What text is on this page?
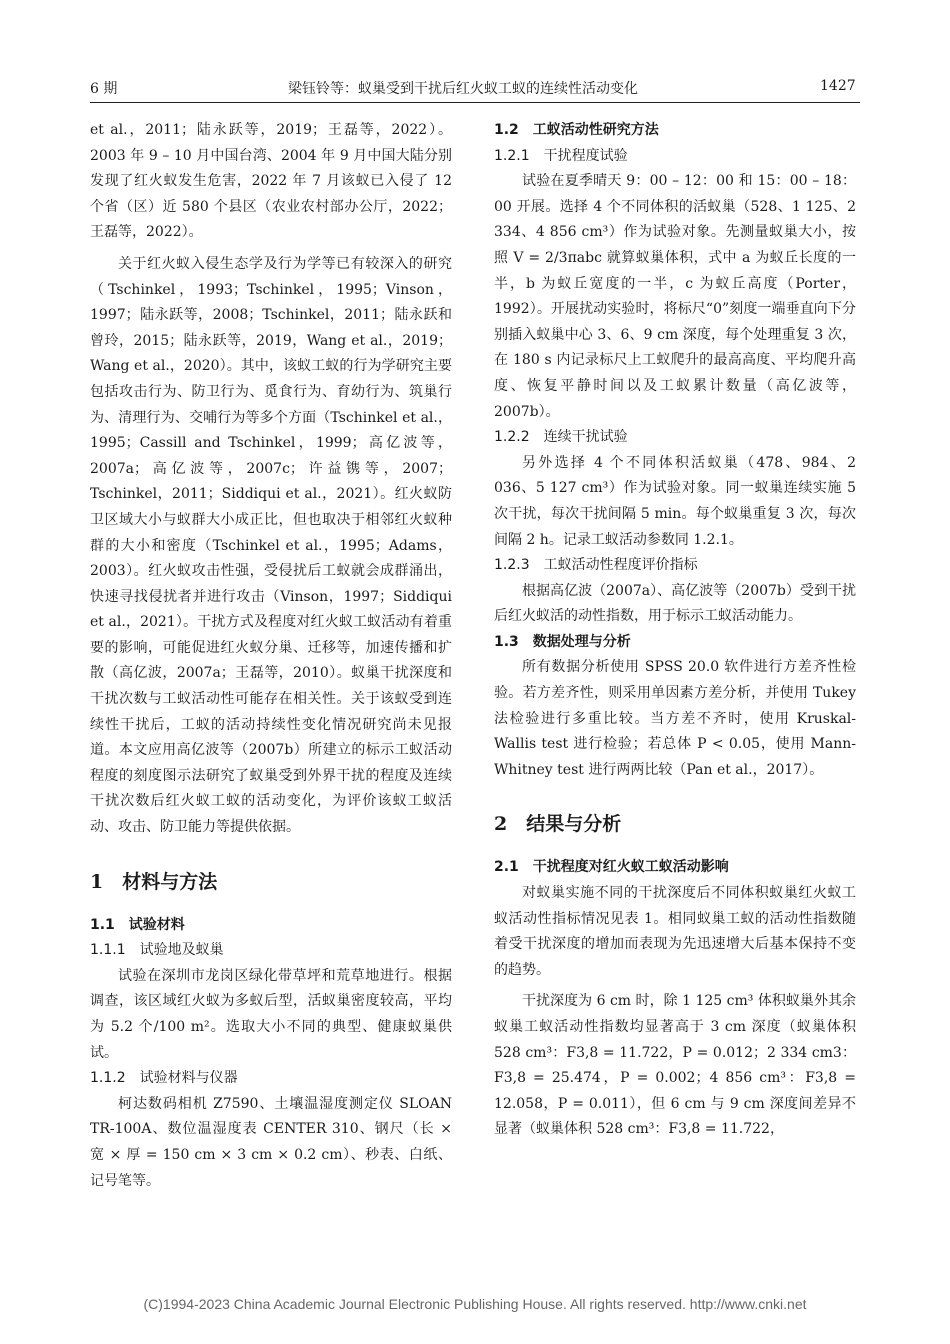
6 期	梁钰铃等：蚁巢受到干扰后红火蚁工蚁的连续性活动变化	1427

et al.，2011；陆永跃等，2019；王磊等，2022）。2003 年 9 – 10 月中国台湾、2004 年 9 月中国大陆分别发现了红火蚁发生危害，2022 年 7 月该蚁已入侵了 12 个省（区）近 580 个县区（农业农村部办公厅，2022；王磊等，2022）。

关于红火蚁入侵生态学及行为学等已有较深入的研究（Tschinkel，1993；Tschinkel，1995；Vinson，1997；陆永跃等，2008；Tschinkel，2011；陆永跃和曾玲，2015；陆永跃等，2019，Wang et al.，2019；Wang et al.，2020）。其中，该蚁工蚁的行为学研究主要包括攻击行为、防卫行为、觅食行为、育幼行为、筑巢行为、清理行为、交哺行为等多个方面（Tschinkel et al.，1995；Cassill and Tschinkel，1999；高亿波等，2007a；高亿波等，2007c；许益镌等，2007；Tschinkel，2011；Siddiqui et al.，2021）。红火蚁防卫区域大小与蚁群大小成正比，但也取决于相邻红火蚁种群的大小和密度（Tschinkel et al.，1995；Adams，2003）。红火蚁攻击性强，受侵扰后工蚁就会成群涌出，快速寻找侵扰者并进行攻击（Vinson，1997；Siddiqui et al.，2021）。干扰方式及程度对红火蚁工蚁活动有着重要的影响，可能促进红火蚁分巢、迁移等，加速传播和扩散（高亿波，2007a；王磊等，2010）。蚁巢干扰深度和干扰次数与工蚁活动性可能存在相关性。关于该蚁受到连续性干扰后，工蚁的活动持续性变化情况研究尚未见报道。本文应用高亿波等（2007b）所建立的标示工蚁活动程度的刻度图示法研究了蚁巢受到外界干扰的程度及连续干扰次数后红火蚁工蚁的活动变化，为评价该蚁工蚁活动、攻击、防卫能力等提供依据。

1　材料与方法
1.1　试验材料
1.1.1　试验地及蚁巢

试验在深圳市龙岗区绿化带草坪和荒草地进行。根据调查，该区域红火蚁为多蚁后型，活蚁巢密度较高，平均为 5.2 个/100 m²。选取大小不同的典型、健康蚁巢供试。

1.1.2　试验材料与仪器

柯达数码相机 Z7590、土壤温湿度测定仪 SLOAN TR-100A、数位温湿度表 CENTER 310、钢尺（长 × 宽 × 厚 = 150 cm × 3 cm × 0.2 cm）、秒表、白纸、记号笔等。

1.2　工蚁活动性研究方法
1.2.1　干扰程度试验

试验在夏季晴天 9：00 – 12：00 和 15：00 – 18：00 开展。选择 4 个不同体积的活蚁巢（528、1 125、2 334、4 856 cm³）作为试验对象。先测量蚁巢大小，按照 V = 2/3πabc 就算蚁巢体积，式中 a 为蚁丘长度的一半，b 为蚁丘宽度的一半，c 为蚁丘高度（Porter，1992）。开展扰动实验时，将标尺“0”刻度一端垂直向下分别插入蚁巢中心 3、6、9 cm 深度，每个处理重复 3 次，在 180 s 内记录标尺上工蚁爬升的最高高度、平均爬升高度、恢复平静时间以及工蚁累计数量（高亿波等，2007b）。

1.2.2　连续干扰试验

另外选择 4 个不同体积活蚁巢（478、984、2 036、5 127 cm³）作为试验对象。同一蚁巢连续实施 5 次干扰，每次干扰间隔 5 min。每个蚁巢重复 3 次，每次间隔 2 h。记录工蚁活动参数同 1.2.1。

1.2.3　工蚁活动性程度评价指标

根据高亿波（2007a）、高亿波等（2007b）受到干扰后红火蚁活的动性指数，用于标示工蚁活动能力。

1.3　数据处理与分析

所有数据分析使用 SPSS 20.0 软件进行方差齐性检验。若方差齐性，则采用单因素方差分析，并使用 Tukey 法检验进行多重比较。当方差不齐时，使用 Kruskal-Wallis test 进行检验；若总体 P < 0.05，使用 Mann-Whitney test 进行两两比较（Pan et al.，2017）。

2　结果与分析
2.1　干扰程度对红火蚁工蚁活动影响

对蚁巢实施不同的干扰深度后不同体积蚁巢红火蚁工蚁活动性指标情况见表 1。相同蚁巢工蚁的活动性指数随着受干扰深度的增加而表现为先迅速增大后基本保持不变的趋势。

干扰深度为 6 cm 时，除 1 125 cm³ 体积蚁巢外其余蚁巢工蚁活动性指数均显著高于 3 cm 深度（蚁巢体积 528 cm³：F3,8 = 11.722，P = 0.012；2 334 cm3：F3,8 = 25.474，P = 0.002；4 856 cm³：F3,8 = 12.058，P = 0.011），但 6 cm 与 9 cm 深度间差异不显著（蚁巢体积 528 cm³：F3,8 = 11.722，

(C)1994-2023 China Academic Journal Electronic Publishing House. All rights reserved. http://www.cnki.net
